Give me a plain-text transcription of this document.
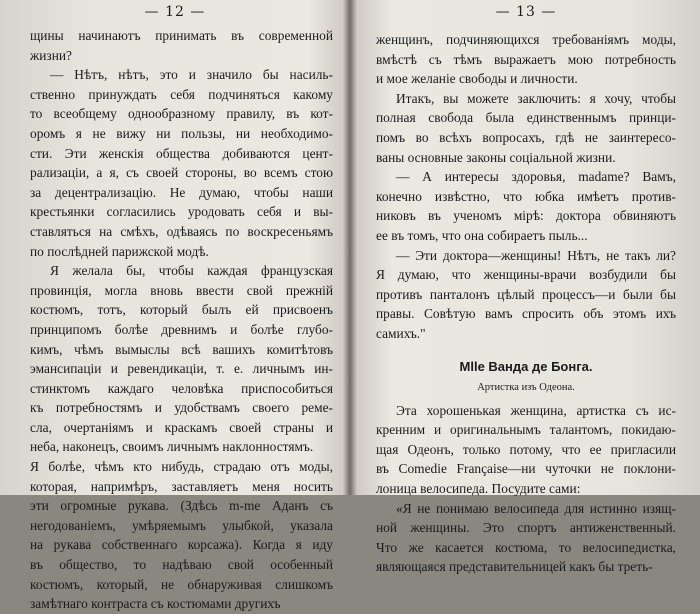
— 12 —
щины начинаютъ принимать въ современной
жизни?
— Нѣтъ, нѣтъ, это и значило бы насиль-
ственно принуждать себя подчиняться какому
то всеобщему однообразному правилу, въ кот-
оромъ я не вижу ни пользы, ни необходимо-
сти. Эти женскія общества добиваются цент-
рализаціи, а я, съ своей стороны, во всемъ стою
за децентрализацію. Не думаю, чтобы наши
крестьянки согласились уродовать себя и вы-
ставляться на смѣхъ, одѣваясь по воскресеньямъ
по послѣдней парижской модѣ.
Я желала бы, чтобы каждая французская
провинція, могла вновь ввести свой прежній
костюмъ, тотъ, который былъ ей присвоенъ
принципомъ болѣе древнимъ и болѣе глубо-
кимъ, чѣмъ вымыслы всѣ вашихъ комитѣтовъ
эмансипаціи и ревендикаціи, т. е. личнымъ ин-
стинктомъ каждаго человѣка приспособиться
къ потребностямъ и удобствамъ своего ремe-
сла, очертаніямъ и краскамъ своей страны и
неба, наконецъ, своимъ личнымъ наклонностямъ.
Я болѣе, чѣмъ кто нибудь, страдаю отъ моды,
которая, напримѣръ, заставляетъ меня носить
эти огромные рукава. (Здѣсь m-me Аданъ съ
негодованіемъ, умѣряемымъ улыбкой, указала
на рукава собственнаго корсажа). Когда я иду
въ общество, то надѣваю свой особенный
костюмъ, который, не обнаруживая слишкомъ
замѣтнаго контраста съ костюмами другихъ
— 13 —
женщинъ, подчиняющихся требованіямъ моды,
вмѣстѣ съ тѣмъ выражаетъ мою потребность
и мое желаніе свободы и личности.
Итакъ, вы можете заключить: я хочу, чтобы
полная свобода была единственнымъ принци-
помъ во всѣхъ вопросахъ, гдѣ не заинтересо-
ваны основные законы соціальной жизни.
— А интересы здоровья, madame? Вамъ,
конечно извѣстно, что юбка имѣетъ против-
никовъ въ ученомъ мірѣ: доктора обвиняютъ
ее въ томъ, что она собираетъ пыль...
— Эти доктора—женщины! Нѣтъ, не такъ ли?
Я думаю, что женщины-врачи возбудили бы
противъ панталонъ цѣлый процессъ—и были бы
правы. Совѣтую вамъ спросить объ этомъ ихъ
самихъ."
Mlle Ванда де Бонга.
Артистка изъ Одеона.
Эта хорошенькая женщина, артистка съ ис-
кренним и оригинальнымъ талантомъ, покидаю-
щая Одеонъ, только потому, что ее пригласили
въ Comedie Française—ни чуточки не поклони-
лоница велосипеда. Посудите сами:
«Я не понимаю велосипеда для истинно изящ-
ной женщины. Это спортъ антиженственный.
Что же касается костюма, то велосипедистка,
являющаяся представительницей какъ бы треть-
